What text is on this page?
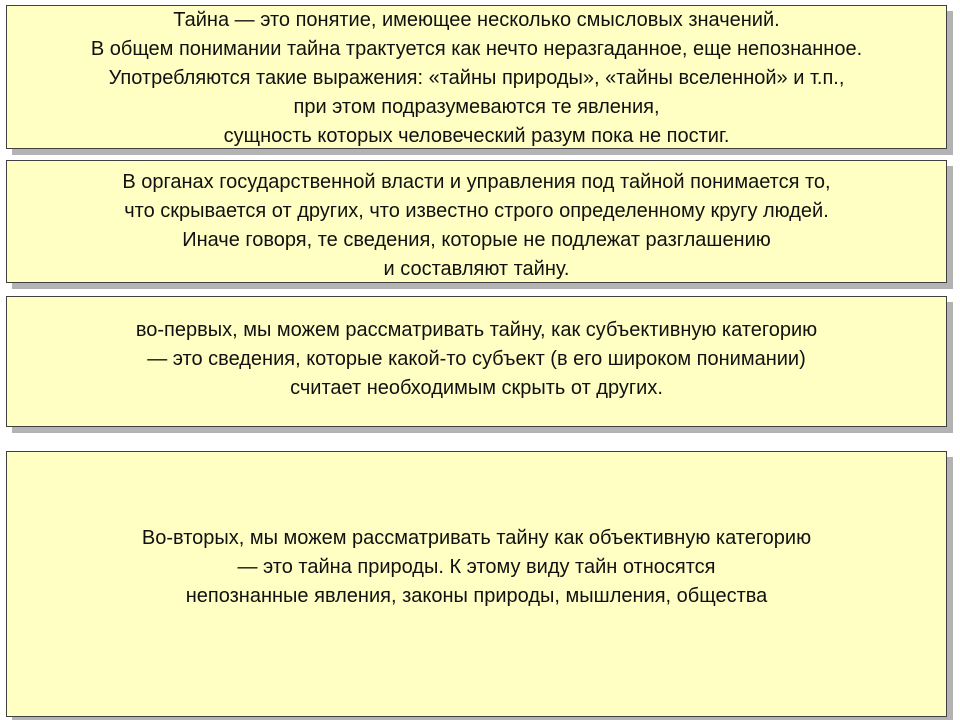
Тайна — это понятие, имеющее несколько смысловых значений.
В общем понимании тайна трактуется как нечто неразгаданное, еще непознанное.
Употребляются такие выражения: «тайны природы», «тайны вселенной» и т.п.,
при этом подразумеваются те явления,
сущность которых человеческий разум пока не постиг.
В органах государственной власти и управления под тайной понимается то,
что скрывается от других, что известно строго определенному кругу людей.
Иначе говоря, те сведения, которые не подлежат разглашению
и составляют тайну.
во-первых, мы можем рассматривать тайну, как субъективную категорию
— это сведения, которые какой-то субъект (в его широком понимании)
считает необходимым скрыть от других.
Во-вторых, мы можем рассматривать тайну как объективную категорию
— это тайна природы. К этому виду тайн относятся
непознанные явления, законы природы, мышления, общества
